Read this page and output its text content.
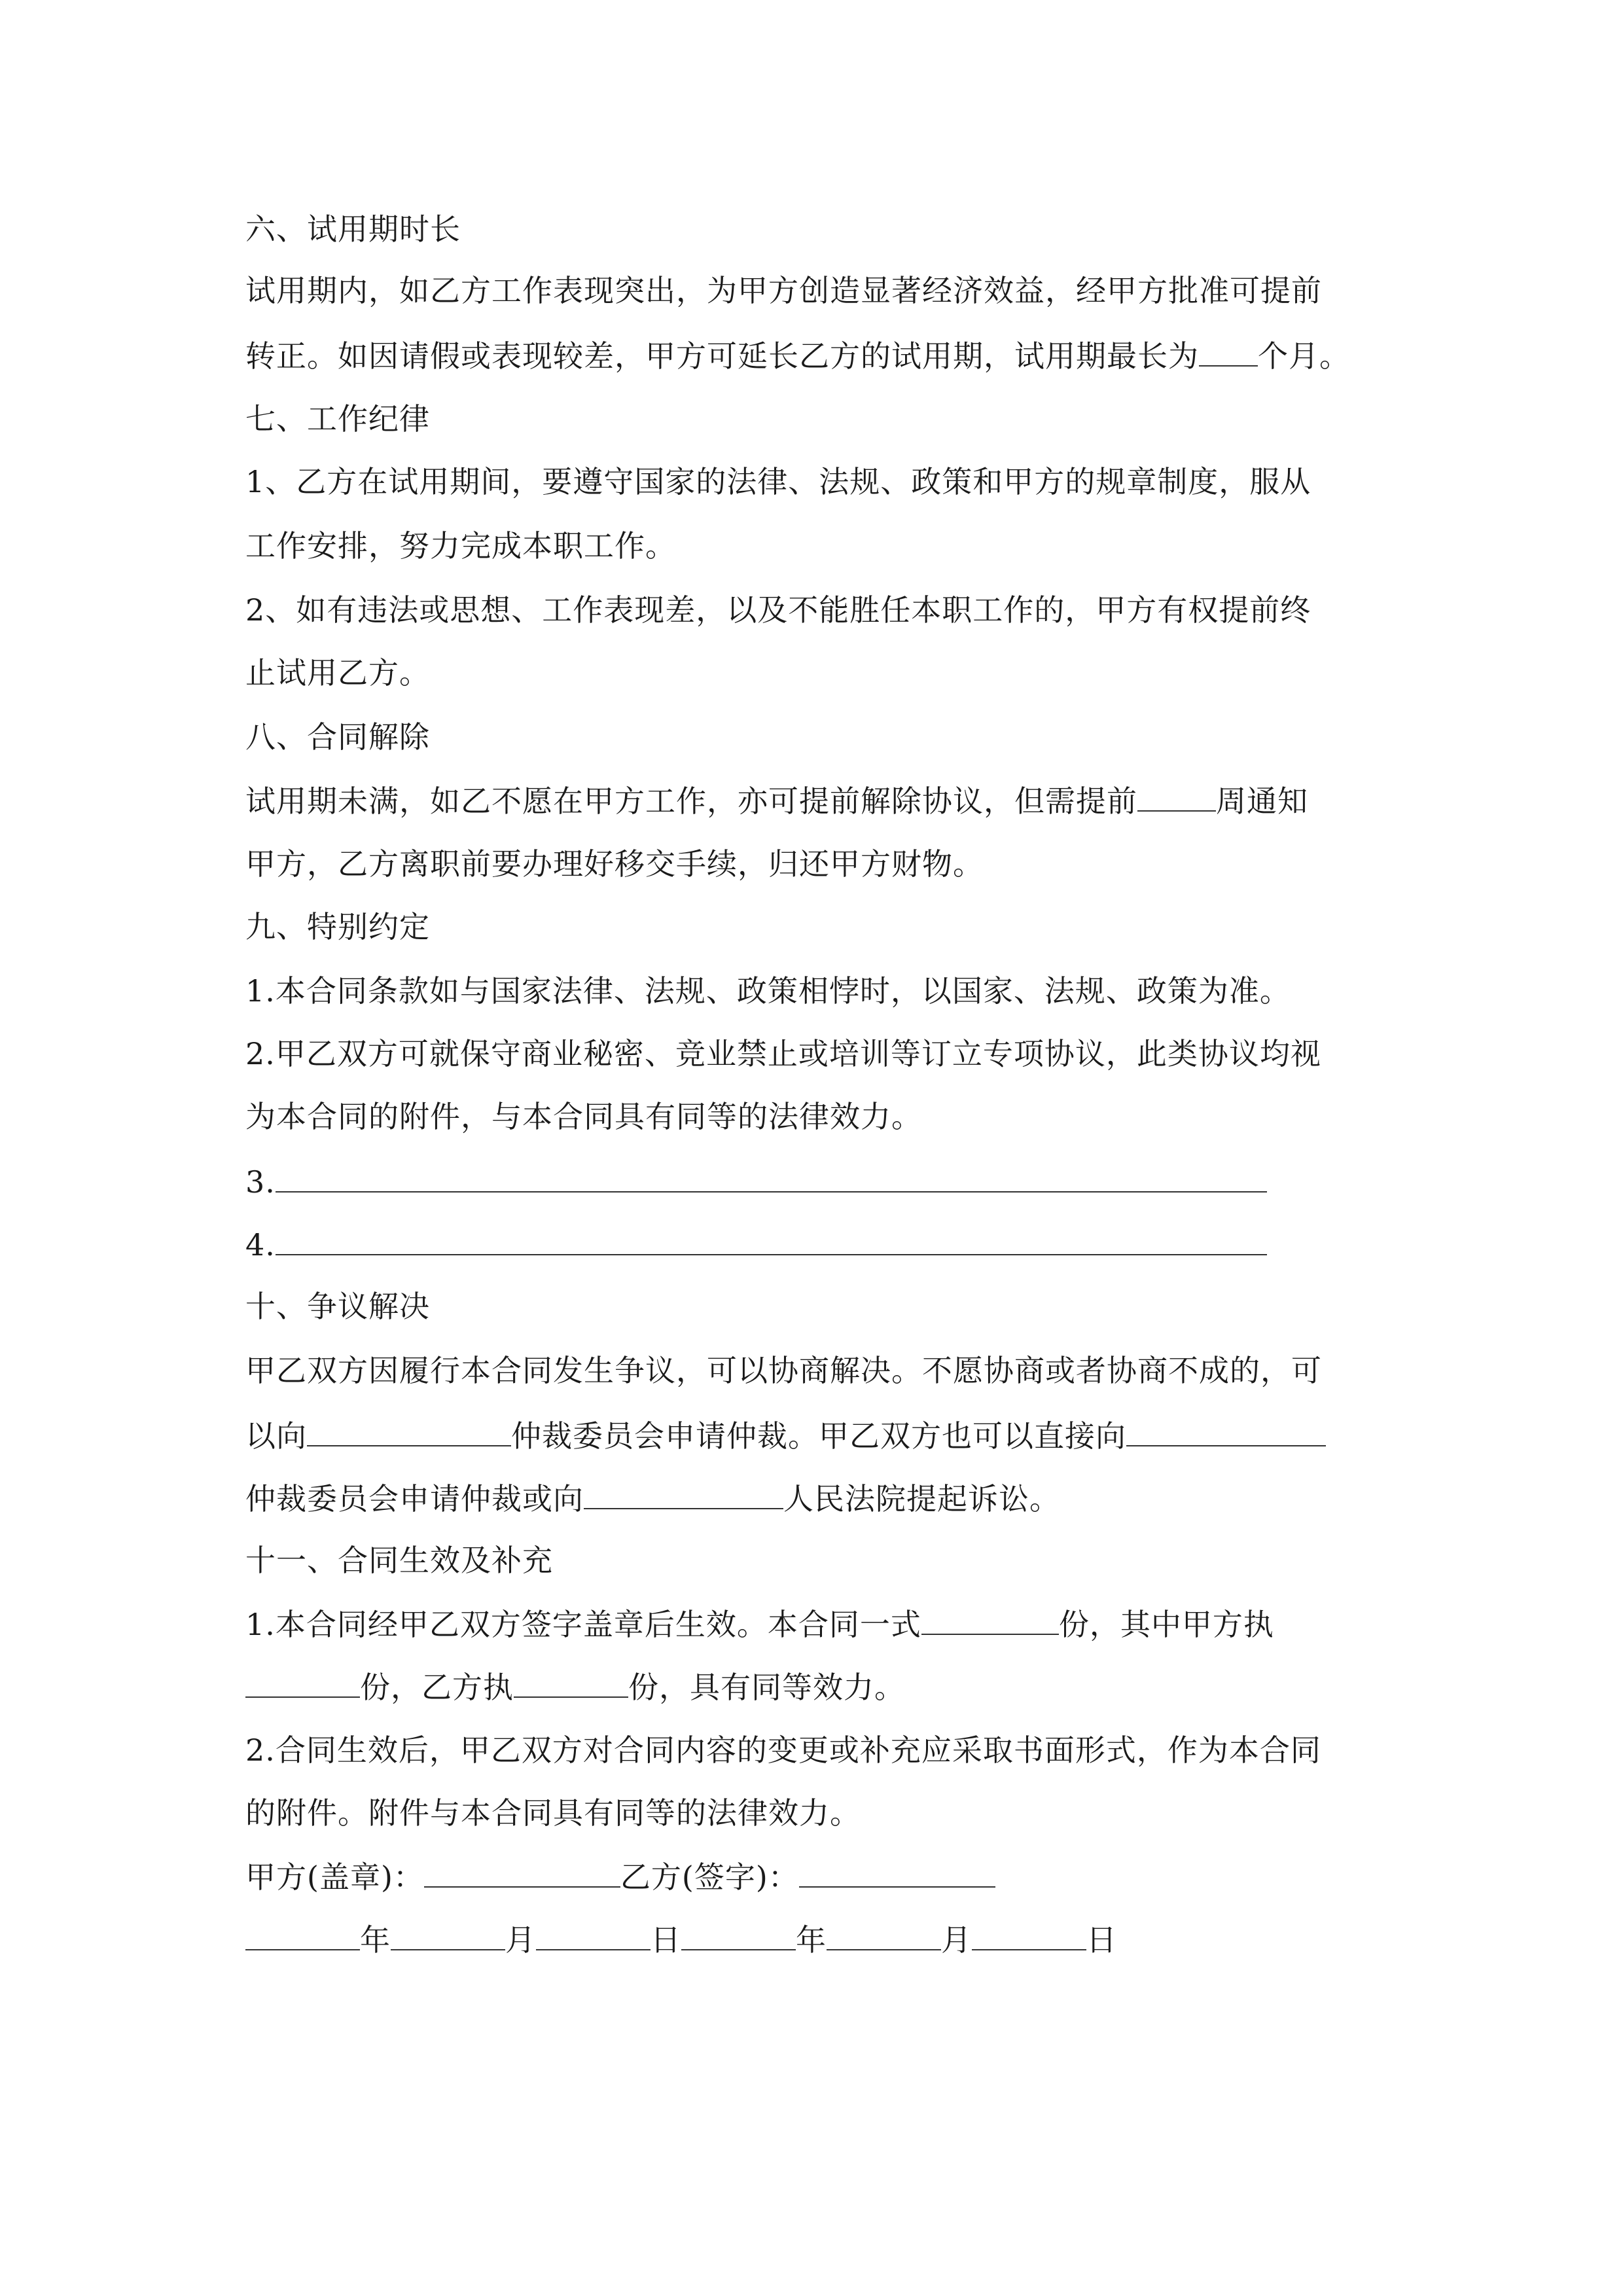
六、试用期时长
试用期内，如乙方工作表现突出，为甲方创造显著经济效益，经甲方批准可提前
转正。如因请假或表现较差，甲方可延长乙方的试用期，试用期最长为 个月。
七、工作纪律
1、乙方在试用期间，要遵守国家的法律、法规、政策和甲方的规章制度，服从
工作安排，努力完成本职工作。
2、如有违法或思想、工作表现差，以及不能胜任本职工作的，甲方有权提前终
止试用乙方。
八、合同解除
试用期未满，如乙不愿在甲方工作，亦可提前解除协议，但需提前	周通知
甲方，乙方离职前要办理好移交手续，归还甲方财物。
九、特别约定
1.本合同条款如与国家法律、法规、政策相悖时，以国家、法规、政策为准。
2.甲乙双方可就保守商业秘密、竞业禁止或培训等订立专项协议，此类协议均视
为本合同的附件，与本合同具有同等的法律效力。
3.
4.
十、争议解决
甲乙双方因履行本合同发生争议，可以协商解决。不愿协商或者协商不成的，可
以向	仲裁委员会申请仲裁。甲乙双方也可以直接向
仲裁委员会申请仲裁或向	人民法院提起诉讼。
十一、合同生效及补充
1.本合同经甲乙双方签字盖章后生效。本合同一式	份，其中甲方执
份，乙方执	份，具有同等效力。
2.合同生效后，甲乙双方对合同内容的变更或补充应采取书面形式，作为本合同
的附件。附件与本合同具有同等的法律效力。
甲方(盖章)：	乙方(签字)：
年	月	日	年	月	日
